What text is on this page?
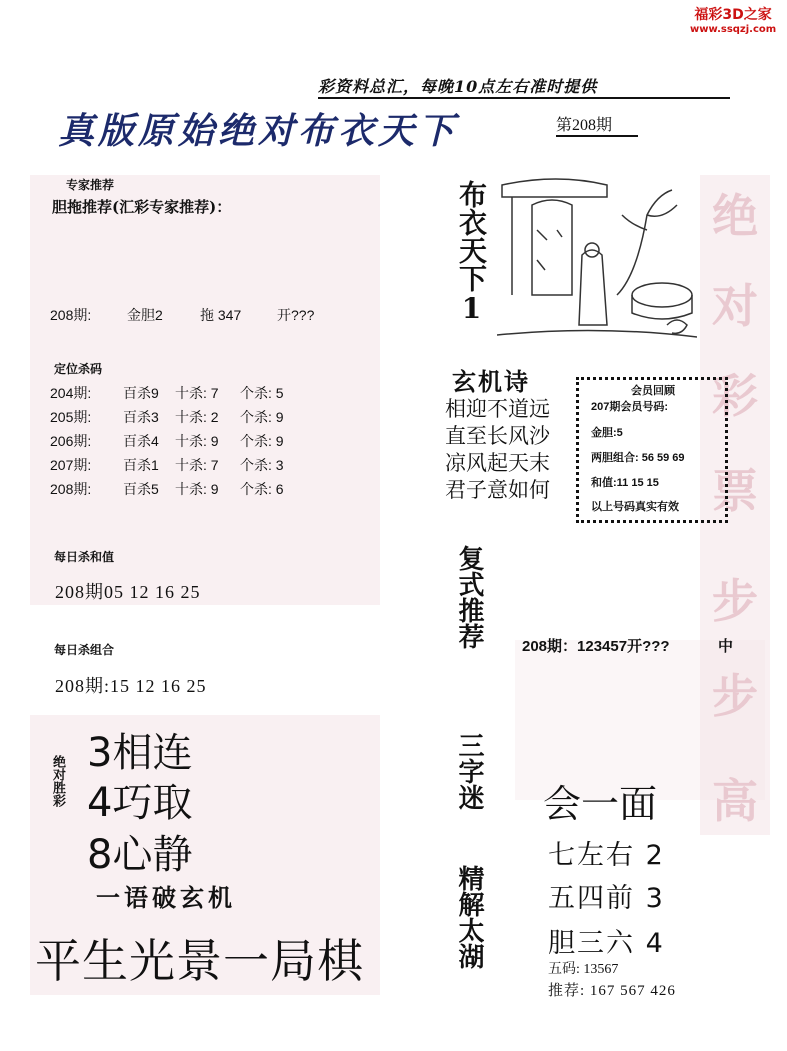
绝
对
彩
票
步
步
高
福彩3D之家
www.ssqzj.com
彩资料总汇，每晚10点左右准时提供
真版原始绝对布衣天下	第208期
专家推荐
胆拖推荐(汇彩专家推荐)：
208期:	金胆2	拖 347	开???
定位杀码
204期: 百杀9 十杀: 7 个杀: 5
205期: 百杀3 十杀: 2 个杀: 9
206期: 百杀4 十杀: 9 个杀: 9
207期: 百杀1 十杀: 7 个杀: 3
208期: 百杀5 十杀: 9 个杀: 6
每日杀和值
208期05 12 16 25
每日杀组合
208期:15 12 16 25
绝对胜彩
3相连
4巧取
8心静
一语破玄机
平生光景一局棋
布衣天下1
玄机诗
相迎不道远
直至长风沙
凉风起天末
君子意如何
会员回顾
207期会员号码:
金胆:5
两胆组合: 56 59 69
和值:11 15 15
以上号码真实有效
复式推荐
三字迷
精解太湖
208期：123457开???	中
会一面
七左右 2
五四前 3
胆三六 4
五码: 13567
推荐: 167 567 426
